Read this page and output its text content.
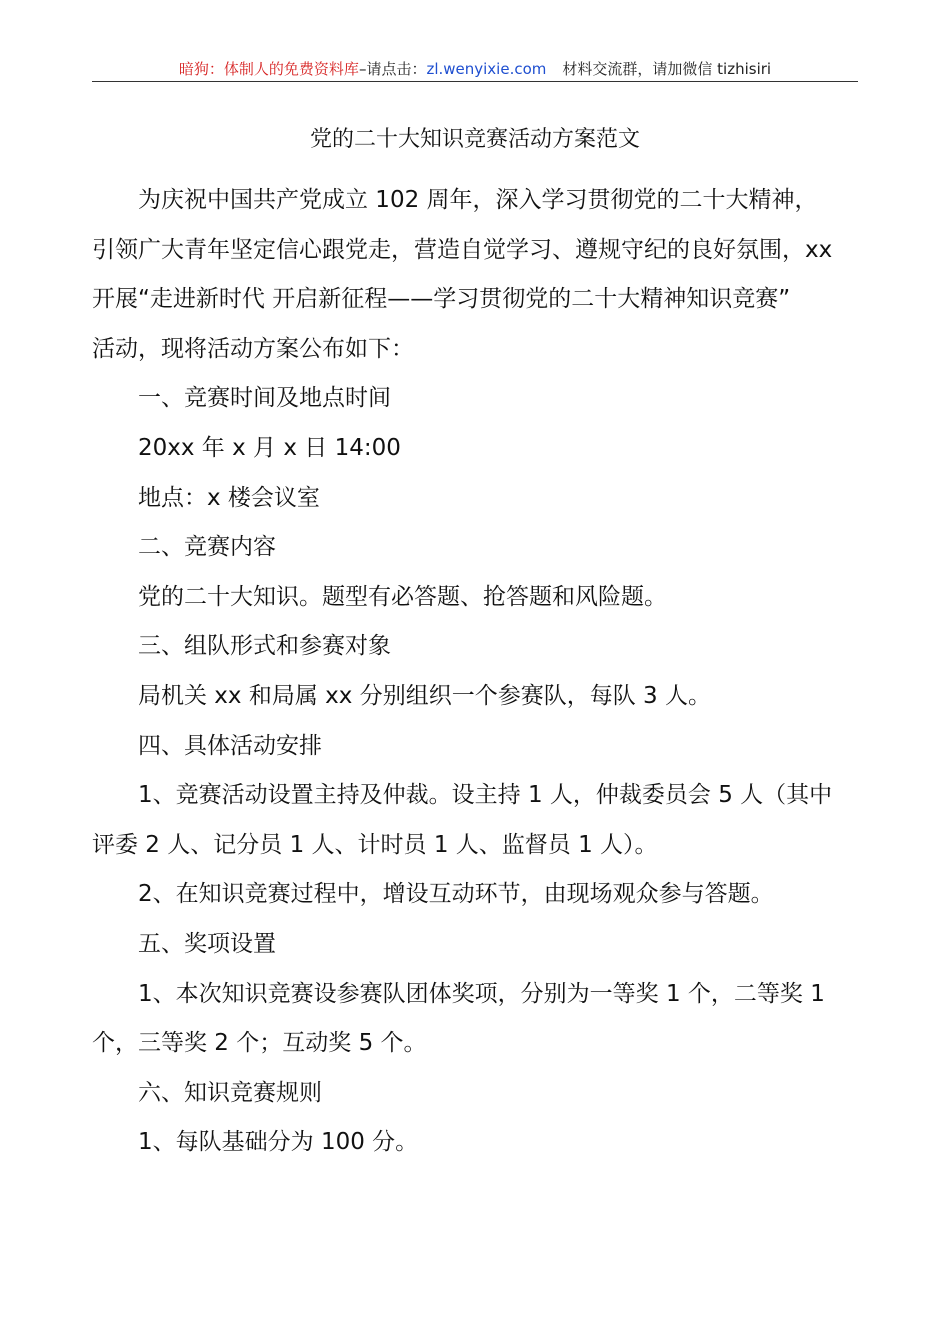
暗狗：体制人的免费资料库–请点击：zl.wenyixie.com 材料交流群，请加微信 tizhisiri
党的二十大知识竞赛活动方案范文
为庆祝中国共产党成立 102 周年，深入学习贯彻党的二十大精神，
引领广大青年坚定信心跟党走，营造自觉学习、遵规守纪的良好氛围，xx
开展“走进新时代 开启新征程——学习贯彻党的二十大精神知识竞赛”
活动，现将活动方案公布如下：
一、竞赛时间及地点时间
20xx 年 x 月 x 日 14:00
地点：x 楼会议室
二、竞赛内容
党的二十大知识。题型有必答题、抢答题和风险题。
三、组队形式和参赛对象
局机关 xx 和局属 xx 分别组织一个参赛队，每队 3 人。
四、具体活动安排
1、竞赛活动设置主持及仲裁。设主持 1 人，仲裁委员会 5 人（其中
评委 2 人、记分员 1 人、计时员 1 人、监督员 1 人）。
2、在知识竞赛过程中，增设互动环节，由现场观众参与答题。
五、奖项设置
1、本次知识竞赛设参赛队团体奖项，分别为一等奖 1 个，二等奖 1
个，三等奖 2 个；互动奖 5 个。
六、知识竞赛规则
1、每队基础分为 100 分。
